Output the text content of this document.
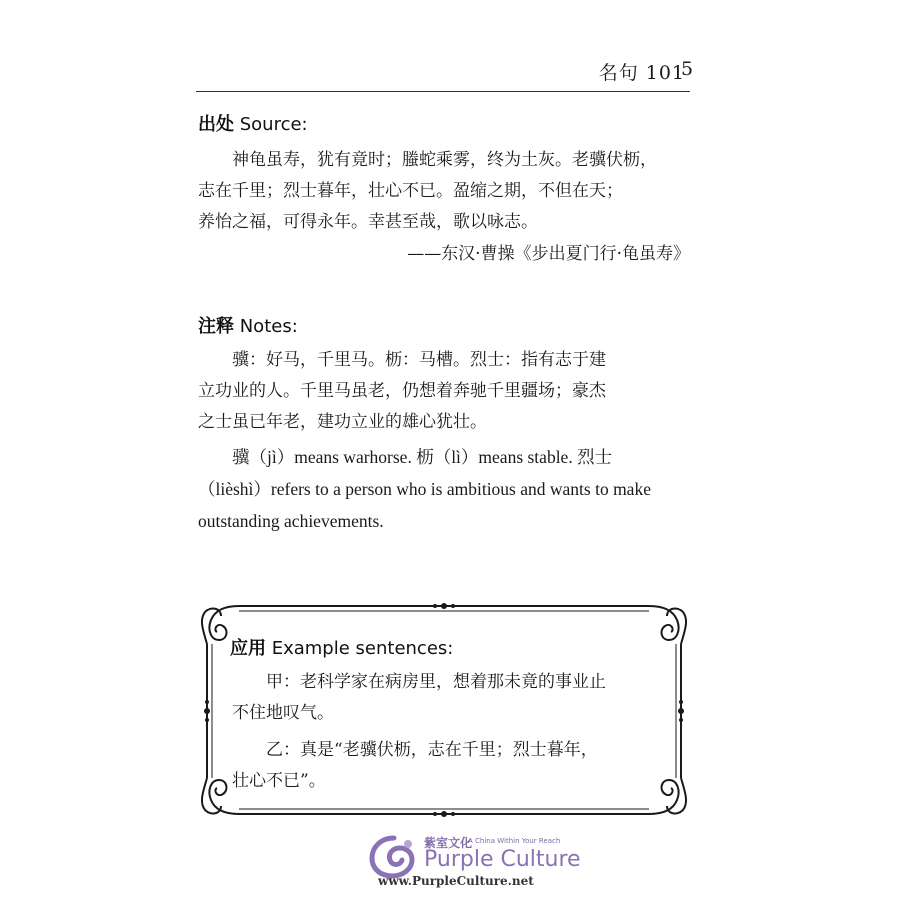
名句 101
5
出处 Source:
神龟虽寿，犹有竟时；螣蛇乘雾，终为土灰。老骥伏枥，
志在千里；烈士暮年，壮心不已。盈缩之期，不但在天；
养怡之福，可得永年。幸甚至哉，歌以咏志。
——东汉·曹操《步出夏门行·龟虽寿》
注释 Notes:
骥：好马，千里马。枥：马槽。烈士：指有志于建
立功业的人。千里马虽老，仍想着奔驰千里疆场；豪杰
之士虽已年老，建功立业的雄心犹壮。
骥（jì）means warhorse. 枥（lì）means stable. 烈士
（lièshì）refers to a person who is ambitious and wants to make
outstanding achievements.
应用 Example sentences:
甲：老科学家在病房里，想着那未竟的事业止
不住地叹气。
乙：真是“老骥伏枥，志在千里；烈士暮年，
壮心不已”。
紫室文化
A China Within Your Reach
Purple Culture
www.PurpleCulture.net
